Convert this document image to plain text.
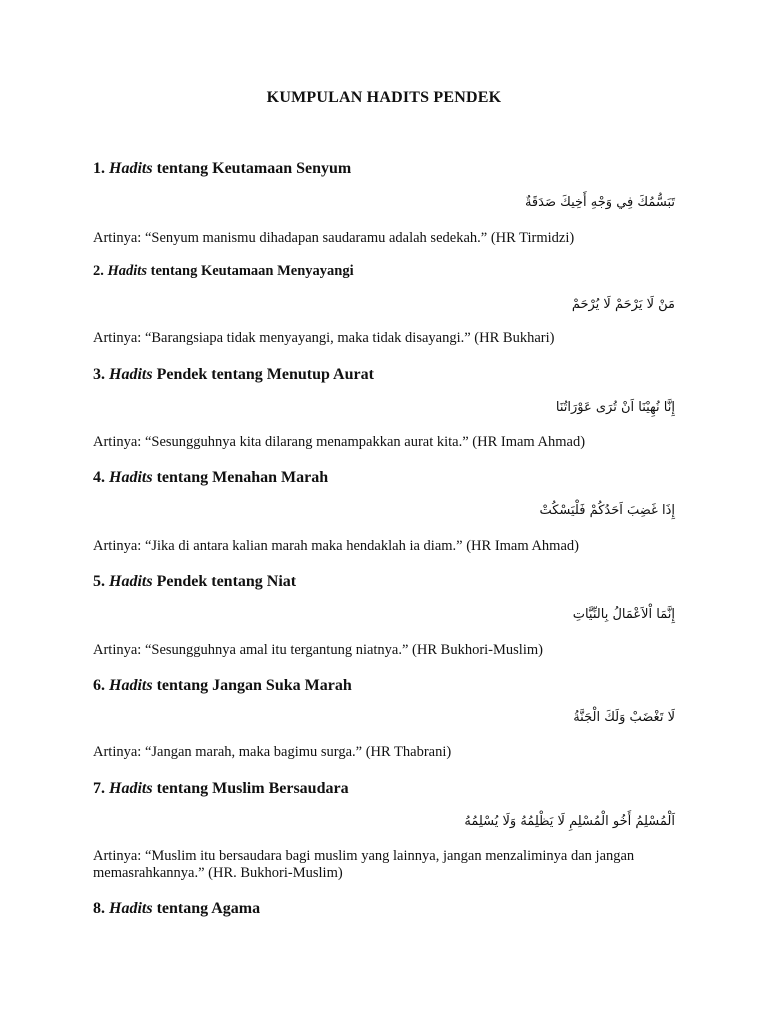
KUMPULAN HADITS PENDEK
1. Hadits tentang Keutamaan Senyum
تَبَسُّمُكَ فِي وَجْهِ أَخِيكَ صَدَقَةٌ
Artinya: “Senyum manismu dihadapan saudaramu adalah sedekah.” (HR Tirmidzi)
2. Hadits tentang Keutamaan Menyayangi
مَنْ لَا يَرْحَمْ لَا يُرْحَمْ
Artinya: “Barangsiapa tidak menyayangi, maka tidak disayangi.” (HR Bukhari)
3. Hadits Pendek tentang Menutup Aurat
إِنَّا نُهِيْنَا اَنْ تُرَى عَوْرَاتُنَا
Artinya: “Sesungguhnya kita dilarang menampakkan aurat kita.” (HR Imam Ahmad)
4. Hadits tentang Menahan Marah
إِذَا غَضِبَ اَحَدُكُمْ فَلْيَسْكُتْ
Artinya: “Jika di antara kalian marah maka hendaklah ia diam.” (HR Imam Ahmad)
5. Hadits Pendek tentang Niat
إِنَّمَا اْلاَعْمَالُ بِالنِّيَّاتِ
Artinya: “Sesungguhnya amal itu tergantung niatnya.” (HR Bukhori-Muslim)
6. Hadits tentang Jangan Suka Marah
لَا تَغْضَبْ وَلَكَ الْجَنَّةُ
Artinya: “Jangan marah, maka bagimu surga.” (HR Thabrani)
7. Hadits tentang Muslim Bersaudara
اَلْمُسْلِمُ أَخُو الْمُسْلِمِ لَا يَظْلِمُهُ وَلَا يُسْلِمُهُ
Artinya: “Muslim itu bersaudara bagi muslim yang lainnya, jangan menzaliminya dan jangan memasrahkannya.” (HR. Bukhori-Muslim)
8. Hadits tentang Agama
